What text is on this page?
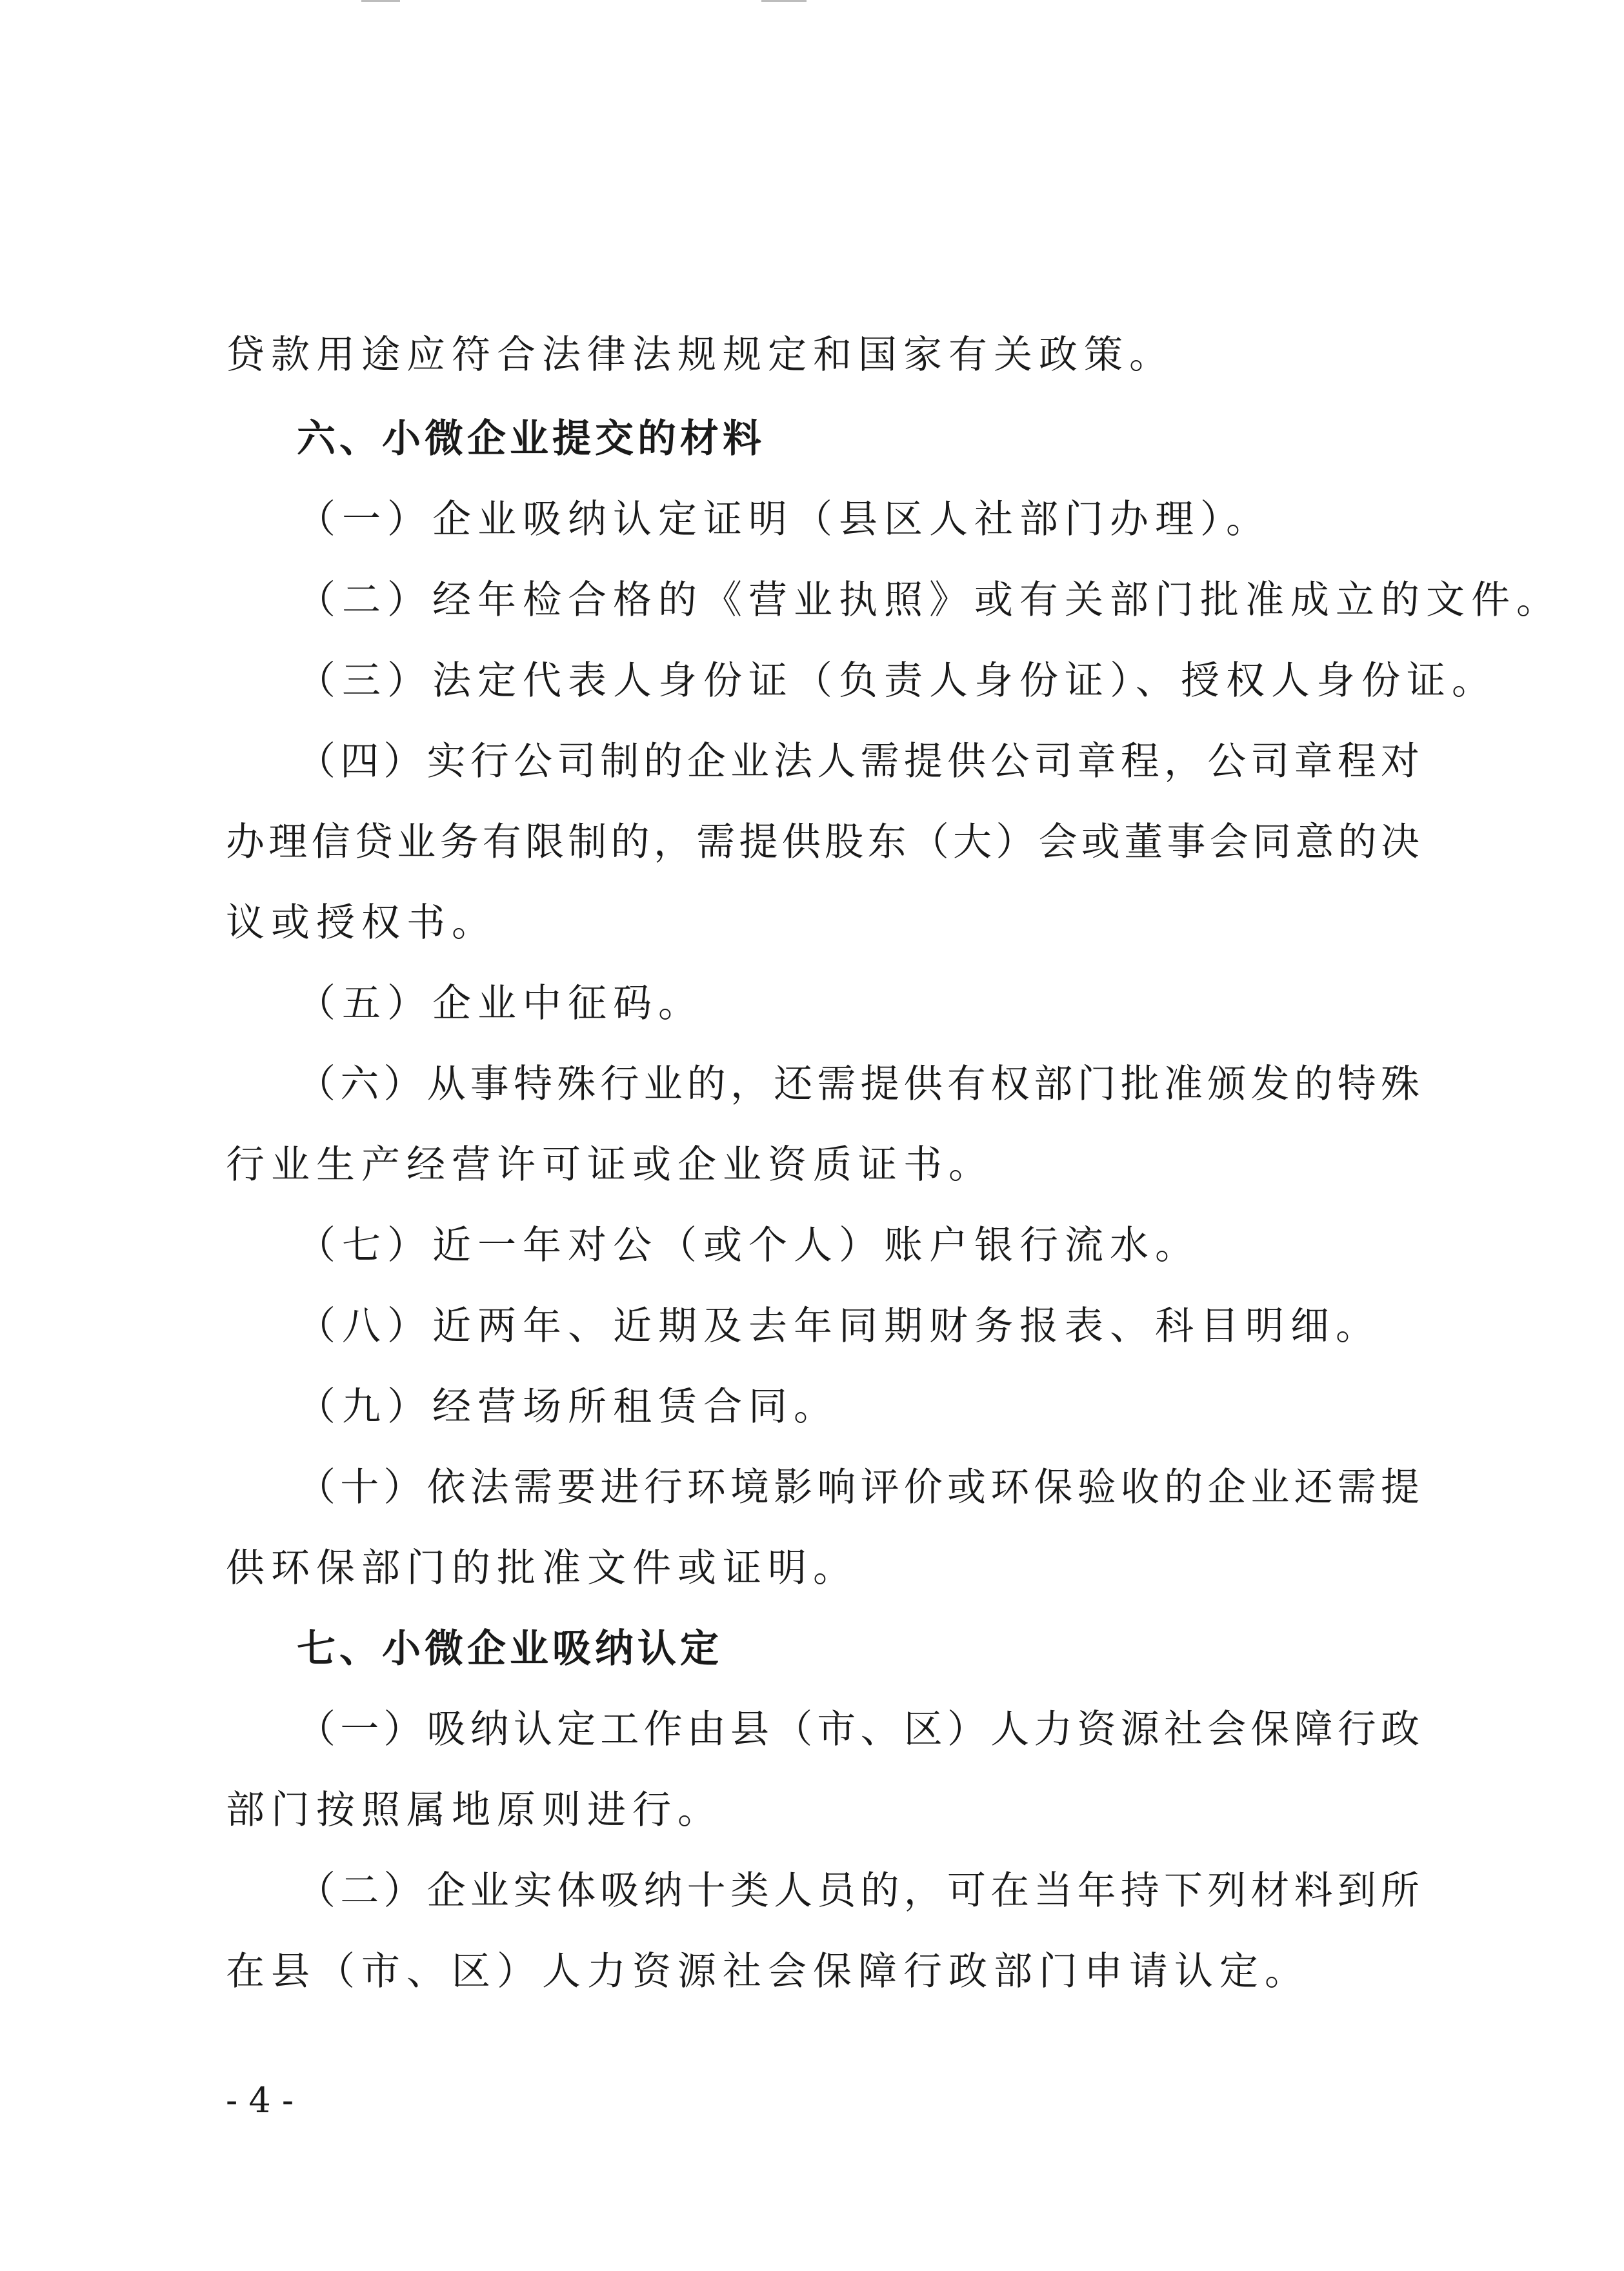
贷款用途应符合法律法规规定和国家有关政策。
六、小微企业提交的材料
（一）企业吸纳认定证明（县区人社部门办理）。
（二）经年检合格的《营业执照》或有关部门批准成立的文件。
（三）法定代表人身份证（负责人身份证）、授权人身份证。
（四）实行公司制的企业法人需提供公司章程，公司章程对
办理信贷业务有限制的，需提供股东（大）会或董事会同意的决
议或授权书。
（五）企业中征码。
（六）从事特殊行业的，还需提供有权部门批准颁发的特殊
行业生产经营许可证或企业资质证书。
（七）近一年对公（或个人）账户银行流水。
（八）近两年、近期及去年同期财务报表、科目明细。
（九）经营场所租赁合同。
（十）依法需要进行环境影响评价或环保验收的企业还需提
供环保部门的批准文件或证明。
七、小微企业吸纳认定
（一）吸纳认定工作由县（市、区）人力资源社会保障行政
部门按照属地原则进行。
（二）企业实体吸纳十类人员的，可在当年持下列材料到所
在县（市、区）人力资源社会保障行政部门申请认定。
- 4 -
